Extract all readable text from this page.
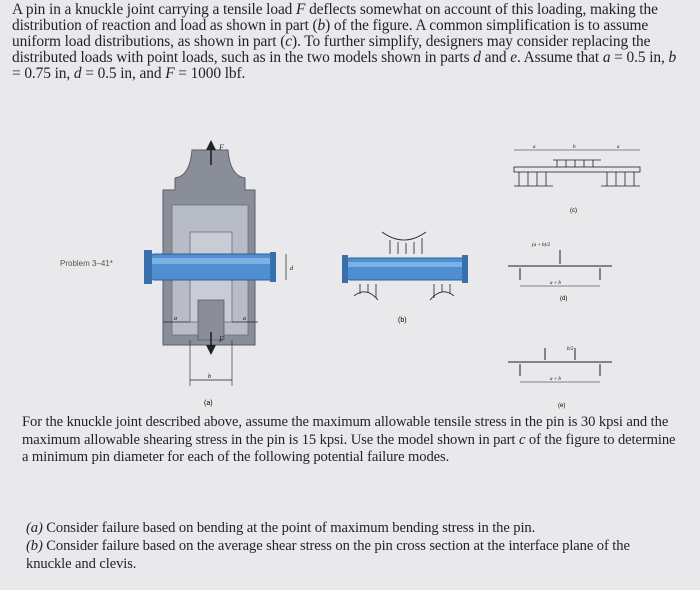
A pin in a knuckle joint carrying a tensile load F deflects somewhat on account of this loading, making the distribution of reaction and load as shown in part (b) of the figure. A common simplification is to assume uniform load distributions, as shown in part (c). To further simplify, designers may consider replacing the distributed loads with point loads, such as in the two models shown in parts d and e. Assume that a = 0.5 in, b = 0.75 in, d = 0.5 in, and F = 1000 lbf.

F
F
a	a
b
d
(a)
(b)
a	b	a
(c)
(a + b)/2
a + b
(d)
b/2
a + b
(e)
Problem 3–41*

For the knuckle joint described above, assume the maximum allowable tensile stress in the pin is 30 kpsi and the maximum allowable shearing stress in the pin is 15 kpsi. Use the model shown in part c of the figure to determine a minimum pin diameter for each of the following potential failure modes.

(a) Consider failure based on bending at the point of maximum bending stress in the pin.

(b) Consider failure based on the average shear stress on the pin cross section at the interface plane of the knuckle and clevis.
